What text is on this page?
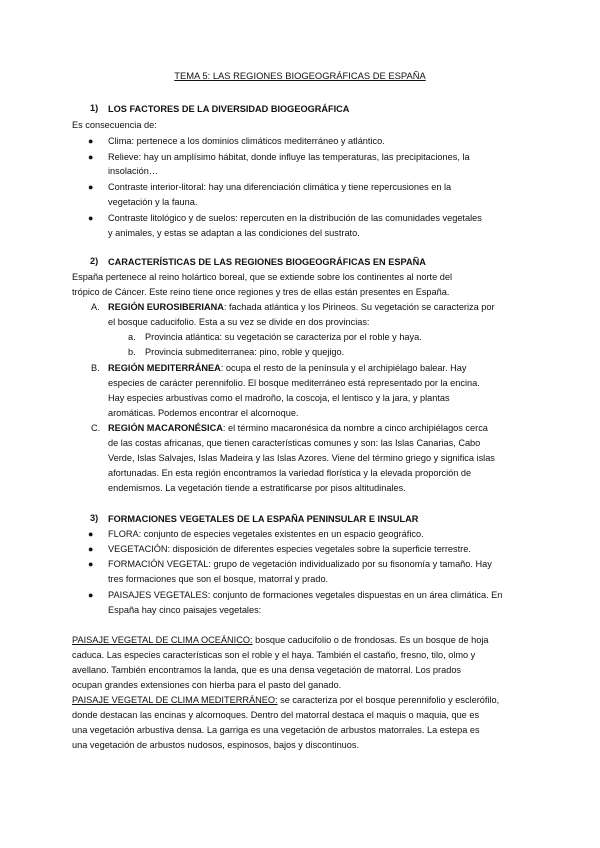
TEMA 5: LAS REGIONES BIOGEOGRÁFICAS DE ESPAÑA
1) LOS FACTORES DE LA DIVERSIDAD BIOGEOGRÁFICA
Es consecuencia de:
● Clima: pertenece a los dominios climáticos mediterráneo y atlántico.
● Relieve: hay un amplísimo hábitat, donde influye las temperaturas, las precipitaciones, la
insolación…
● Contraste interior-litoral: hay una diferenciación climática y tiene repercusiones en la
vegetación y la fauna.
● Contraste litológico y de suelos: repercuten en la distribución de las comunidades vegetales
y animales, y estas se adaptan a las condiciones del sustrato.
2) CARACTERÍSTICAS DE LAS REGIONES BIOGEOGRÁFICAS EN ESPAÑA
España pertenece al reino holártico boreal, que se extiende sobre los continentes al norte del
trópico de Cáncer. Este reino tiene once regiones y tres de ellas están presentes en España.
A. REGIÓN EUROSIBERIANA: fachada atlántica y los Pirineos. Su vegetación se caracteriza por
el bosque caducifolio. Esta a su vez se divide en dos provincias:
a. Provincia atlántica: su vegetación se caracteriza por el roble y haya.
b. Provincia submediterranea: pino, roble y quejigo.
B. REGIÓN MEDITERRÁNEA: ocupa el resto de la península y el archipiélago balear. Hay
especies de carácter perennifolio. El bosque mediterráneo está representado por la encina.
Hay especies arbustivas como el madroño, la coscoja, el lentisco y la jara, y plantas
aromáticas. Podemos encontrar el alcornoque.
C. REGIÓN MACARONÉSICA: el término macaronésica da nombre a cinco archipiélagos cerca
de las costas africanas, que tienen características comunes y son: las Islas Canarias, Cabo
Verde, Islas Salvajes, Islas Madeira y las Islas Azores. Viene del término griego y significa islas
afortunadas. En esta región encontramos la variedad florística y la elevada proporción de
endemismos. La vegetación tiende a estratificarse por pisos altitudinales.
3) FORMACIONES VEGETALES DE LA ESPAÑA PENINSULAR E INSULAR
● FLORA: conjunto de especies vegetales existentes en un espacio geográfico.
● VEGETACIÓN: disposición de diferentes especies vegetales sobre la superficie terrestre.
● FORMACIÓN VEGETAL: grupo de vegetación individualizado por su fisonomía y tamaño. Hay
tres formaciones que son el bosque, matorral y prado.
● PAISAJES VEGETALES: conjunto de formaciones vegetales dispuestas en un área climática. En
España hay cinco paisajes vegetales:
PAISAJE VEGETAL DE CLIMA OCEÁNICO: bosque caducifolio o de frondosas. Es un bosque de hoja
caduca. Las especies características son el roble y el haya. También el castaño, fresno, tilo, olmo y
avellano. También encontramos la landa, que es una densa vegetación de matorral. Los prados
ocupan grandes extensiones con hierba para el pasto del ganado.
PAISAJE VEGETAL DE CLIMA MEDITERRÁNEO: se caracteriza por el bosque perennifolio y esclerófilo,
donde destacan las encinas y alcornoques. Dentro del matorral destaca el maquis o maquia, que es
una vegetación arbustiva densa. La garriga es una vegetación de arbustos matorrales. La estepa es
una vegetación de arbustos nudosos, espinosos, bajos y discontinuos.
